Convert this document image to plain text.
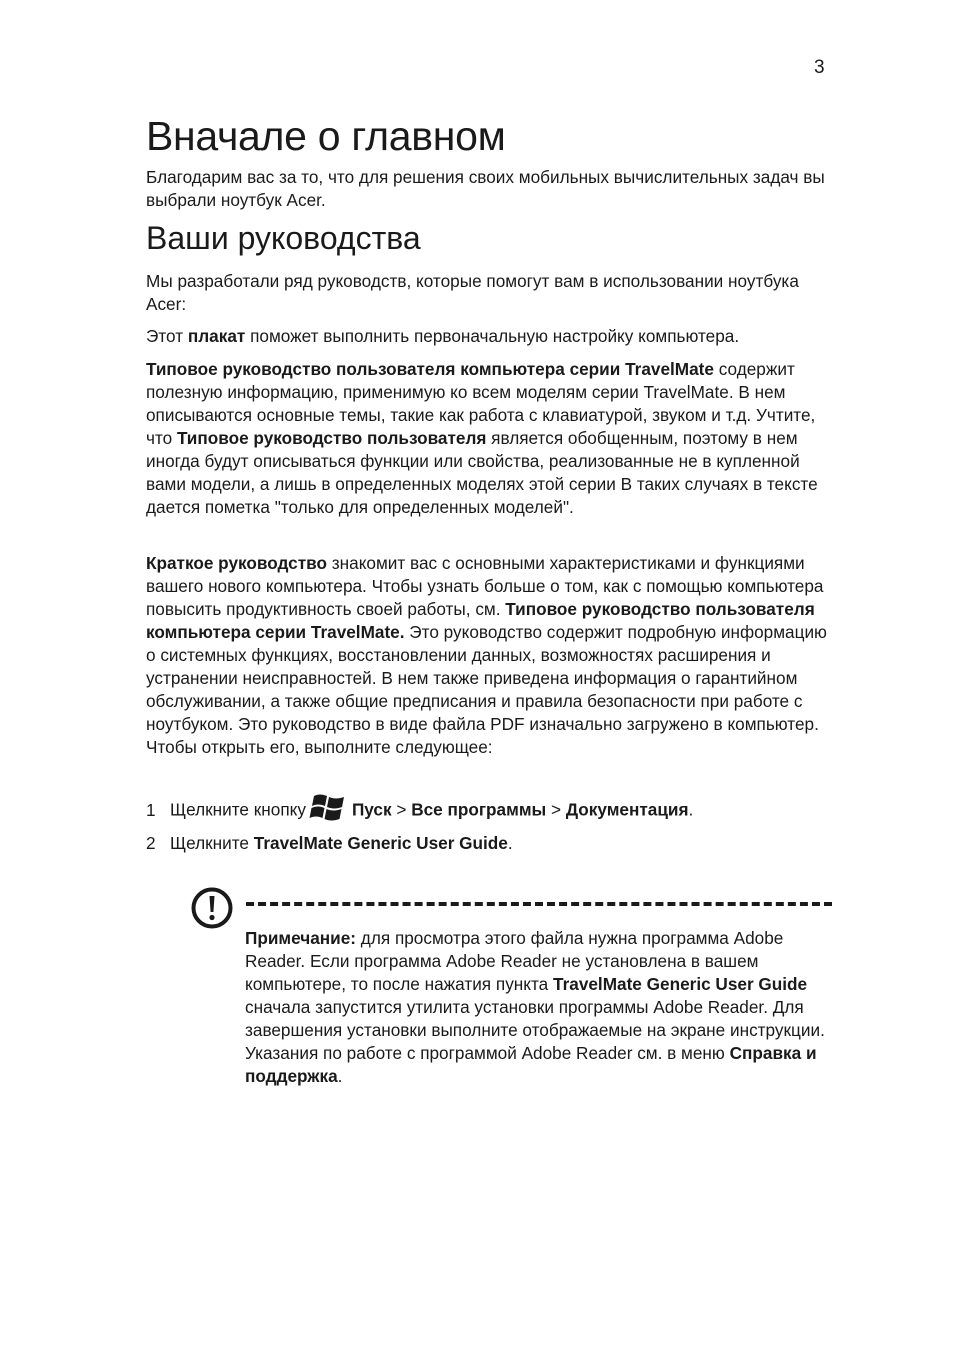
3
Вначале о главном

Благодарим вас за то, что для решения своих мобильных вычислительных задач вы выбрали ноутбук Acer.

Ваши руководства

Мы разработали ряд руководств, которые помогут вам в использовании ноутбука Acer:

Этот плакат поможет выполнить первоначальную настройку компьютера.

Типовое руководство пользователя компьютера серии TravelMate содержит полезную информацию, применимую ко всем моделям серии TravelMate. В нем описываются основные темы, такие как работа с клавиатурой, звуком и т.д. Учтите, что Типовое руководство пользователя является обобщенным, поэтому в нем иногда будут описываться функции или свойства, реализованные не в купленной вами модели, а лишь в определенных моделях этой серии В таких случаях в тексте дается пометка "только для определенных моделей".

Краткое руководство знакомит вас с основными характеристиками и функциями вашего нового компьютера. Чтобы узнать больше о том, как с помощью компьютера повысить продуктивность своей работы, см. Типовое руководство пользователя компьютера серии TravelMate. Это руководство содержит подробную информацию о системных функциях, восстановлении данных, возможностях расширения и устранении неисправностей. В нем также приведена информация о гарантийном обслуживании, а также общие предписания и правила безопасности при работе с ноутбуком. Это руководство в виде файла PDF изначально загружено в компьютер. Чтобы открыть его, выполните следующее:

1 Щелкните кнопку	Пуск > Все программы > Документация.
2 Щелкните TravelMate Generic User Guide.

Примечание: для просмотра этого файла нужна программа Adobe Reader. Если программа Adobe Reader не установлена в вашем компьютере, то после нажатия пункта TravelMate Generic User Guide сначала запустится утилита установки программы Adobe Reader. Для завершения установки выполните отображаемые на экране инструкции. Указания по работе с программой Adobe Reader см. в меню Справка и поддержка.
